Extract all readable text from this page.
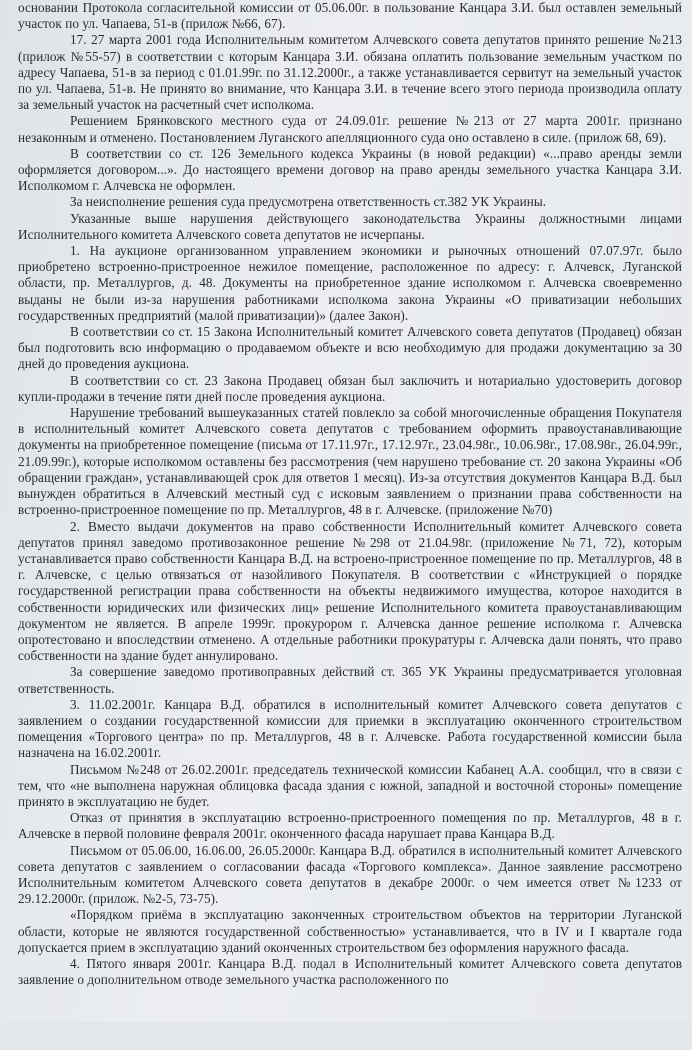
основании Протокола согласительной комиссии от 05.06.00г. в пользование Канцара З.И. был оставлен земельный участок по ул. Чапаева, 51-в (прилож №66, 67).

17. 27 марта 2001 года Исполнительным комитетом Алчевского совета депутатов принято решение №213 (прилож №55-57) в соответствии с которым Канцара З.И. обязана оплатить пользование земельным участком по адресу Чапаева, 51-в за период с 01.01.99г. по 31.12.2000г., а также устанавливается сервитут на земельный участок по ул. Чапаева, 51-в. Не принято во внимание, что Канцара З.И. в течение всего этого периода производила оплату за земельный участок на расчетный счет исполкома.

Решением Брянковского местного суда от 24.09.01г. решение №213 от 27 марта 2001г. признано незаконным и отменено. Постановлением Луганского апелляционного суда оно оставлено в силе. (прилож 68, 69).

В соответствии со ст. 126 Земельного кодекса Украины (в новой редакции) «...право аренды земли оформляется договором...». До настоящего времени договор на право аренды земельного участка Канцара З.И. Исполкомом г. Алчевска не оформлен.

За неисполнение решения суда предусмотрена ответственность ст.382 УК Украины.

Указанные выше нарушения действующего законодательства Украины должностными лицами Исполнительного комитета Алчевского совета депутатов не исчерпаны.

1. На аукционе организованном управлением экономики и рыночных отношений 07.07.97г. было приобретено встроенно-пристроенное нежилое помещение, расположенное по адресу: г. Алчевск, Луганской области, пр. Металлургов, д. 48. Документы на приобретенное здание исполкомом г. Алчевска своевременно выданы не были из-за нарушения работниками исполкома закона Украины «О приватизации небольших государственных предприятий (малой приватизации)» (далее Закон).

В соответствии со ст. 15 Закона Исполнительный комитет Алчевского совета депутатов (Продавец) обязан был подготовить всю информацию о продаваемом объекте и всю необходимую для продажи документацию за 30 дней до проведения аукциона.

В соответствии со ст. 23 Закона Продавец обязан был заключить и нотариально удостоверить договор купли-продажи в течение пяти дней после проведения аукциона.

Нарушение требований вышеуказанных статей повлекло за собой многочисленные обращения Покупателя в исполнительный комитет Алчевского совета депутатов с требованием оформить правоустанавливающие документы на приобретенное помещение (письма от 17.11.97г., 17.12.97г., 23.04.98г., 10.06.98г., 17.08.98г., 26.04.99г., 21.09.99г.), которые исполкомом оставлены без рассмотрения (чем нарушено требование ст. 20 закона Украины «Об обращении граждан», устанавливающей срок для ответов 1 месяц). Из-за отсутствия документов Канцара В.Д. был вынужден обратиться в Алчевский местный суд с исковым заявлением о признании права собственности на встроенно-пристроенное помещение по пр. Металлургов, 48 в г. Алчевске. (приложение №70)

2. Вместо выдачи документов на право собственности Исполнительный комитет Алчевского совета депутатов принял заведомо противозаконное решение №298 от 21.04.98г. (приложение №71, 72), которым устанавливается право собственности Канцара В.Д. на встроено-пристроенное помещение по пр. Металлургов, 48 в г. Алчевске, с целью отвязаться от назойливого Покупателя. В соответствии с «Инструкцией о порядке государственной регистрации права собственности на объекты недвижимого имущества, которое находится в собственности юридических или физических лиц» решение Исполнительного комитета правоустанавливающим документом не является. В апреле 1999г. прокурором г. Алчевска данное решение исполкома г. Алчевска опротестовано и впоследствии отменено. А отдельные работники прокуратуры г. Алчевска дали понять, что право собственности на здание будет аннулировано.

За совершение заведомо противоправных действий ст. 365 УК Украины предусматривается уголовная ответственность.

3. 11.02.2001г. Канцара В.Д. обратился в исполнительный комитет Алчевского совета депутатов с заявлением о создании государственной комиссии для приемки в эксплуатацию оконченного строительством помещения «Торгового центра» по пр. Металлургов, 48 в г. Алчевске. Работа государственной комиссии была назначена на 16.02.2001г.

Письмом №248 от 26.02.2001г. председатель технической комиссии Кабанец А.А. сообщил, что в связи с тем, что «не выполнена наружная облицовка фасада здания с южной, западной и восточной стороны» помещение принято в эксплуатацию не будет.

Отказ от принятия в эксплуатацию встроенно-пристроенного помещения по пр. Металлургов, 48 в г. Алчевске в первой половине февраля 2001г. оконченного фасада нарушает права Канцара В.Д.

Письмом от 05.06.00, 16.06.00, 26.05.2000г. Канцара В.Д. обратился в исполнительный комитет Алчевского совета депутатов с заявлением о согласовании фасада «Торгового комплекса». Данное заявление рассмотрено Исполнительным комитетом Алчевского совета депутатов в декабре 2000г. о чем имеется ответ №1233 от 29.12.2000г. (прилож. №2-5, 73-75).

«Порядком приёма в эксплуатацию законченных строительством объектов на территории Луганской области, которые не являются государственной собственностью» устанавливается, что в IV и I квартале года допускается прием в эксплуатацию зданий оконченных строительством без оформления наружного фасада.

4. Пятого января 2001г. Канцара В.Д. подал в Исполнительный комитет Алчевского совета депутатов заявление о дополнительном отводе земельного участка расположенного по
